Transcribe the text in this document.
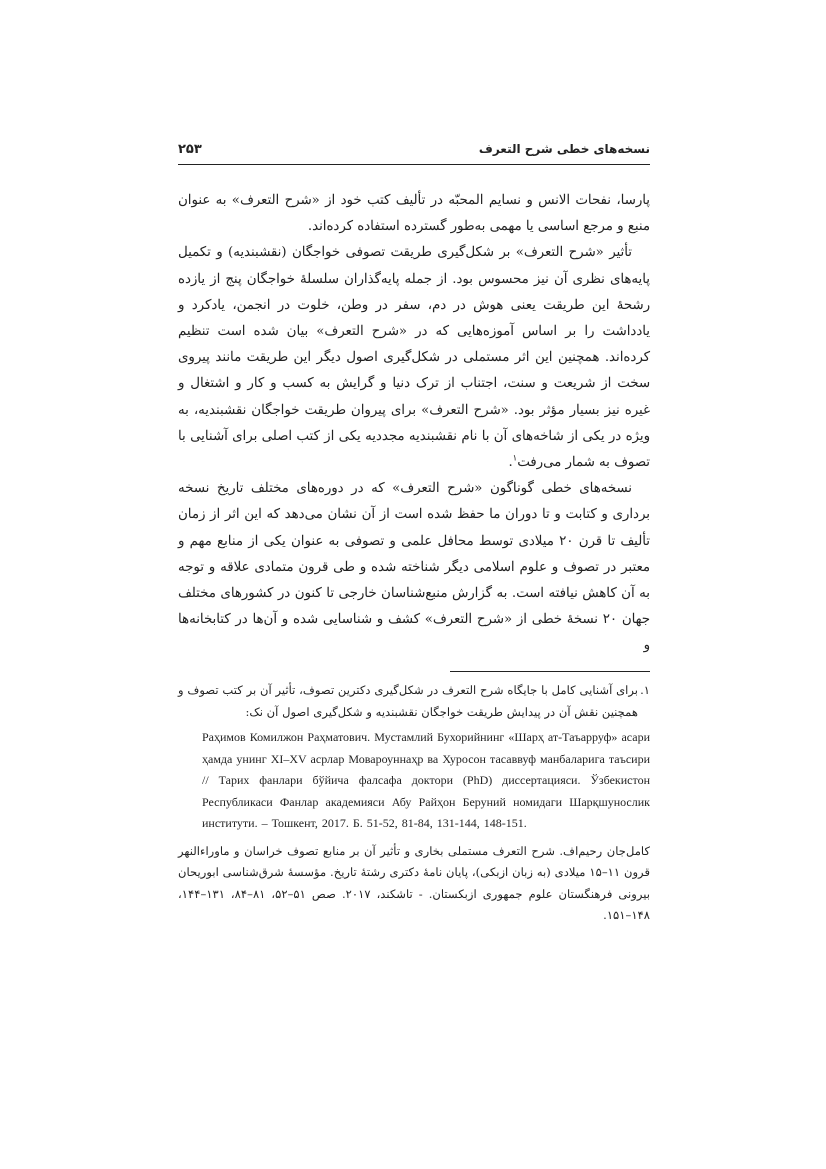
نسخه‌های خطی شرح التعرف
۲۵۳

پارسا، نفحات الانس و نسایم المحبّه در تألیف کتب خود از «شرح التعرف» به عنوان منبع و مرجع اساسی یا مهمی به‌طور گسترده استفاده کرده‌اند.

تأثیر «شرح التعرف» بر شکل‌گیری طریقت تصوفی خواجگان (نقشبندیه) و تکمیل پایه‌های نظری آن نیز محسوس بود. از جمله پایه‌گذاران سلسلهٔ خواجگان پنج از یازده رشحهٔ این طریقت یعنی هوش در دم، سفر در وطن، خلوت در انجمن، یادکرد و یادداشت را بر اساس آموزه‌هایی که در «شرح التعرف» بیان شده است تنظیم کرده‌اند. همچنین این اثر مستملی در شکل‌گیری اصول دیگر این طریقت مانند پیروی سخت از شریعت و سنت، اجتناب از ترک دنیا و گرایش به کسب و کار و اشتغال و غیره نیز بسیار مؤثر بود. «شرح التعرف» برای پیروان طریقت خواجگان نقشبندیه، به ویژه در یکی از شاخه‌های آن با نام نقشبندیه مجددیه یکی از کتب اصلی برای آشنایی با تصوف به شمار می‌رفت$^۱$.

نسخه‌های خطی گوناگون «شرح التعرف» که در دوره‌های مختلف تاریخ نسخه برداری و کتابت و تا دوران ما حفظ شده است از آن نشان می‌دهد که این اثر از زمان تألیف تا قرن ۲۰ میلادی توسط محافل علمی و تصوفی به عنوان یکی از منابع مهم و معتبر در تصوف و علوم اسلامی دیگر شناخته شده و طی قرون متمادی علاقه و توجه به آن کاهش نیافته است. به گزارش منبع‌شناسان خارجی تا کنون در کشورهای مختلف جهان ۲۰ نسخهٔ خطی از «شرح التعرف» کشف و شناسایی شده و آن‌ها در کتابخانه‌ها و

۱.
برای آشنایی کامل با جایگاه شرح التعرف در شکل‌گیری دکترین تصوف، تأثیر آن بر کتب تصوف و همچنین نقش آن در پیدایش طریقت خواجگان نقشبندیه و شکل‌گیری اصول آن نک:

Раҳимов Комилжон Раҳматович. Мустамлий Бухорийнинг «Шарҳ ат-Таъарруф» асари ҳамда унинг XI–XV асрлар Мовароуннаҳр ва Хуросон тасаввуф манбаларига таъсири // Тарих фанлари бўйича фалсафа доктори (PhD) диссертацияси. Ўзбекистон Республикаси Фанлар академияси Абу Райҳон Беруний номидаги Шарқшунослик институти. – Тошкент, 2017. Б. 51-52, 81-84, 131-144, 148-151.

کامل‌جان رحیم‌اف. شرح التعرف مستملی بخاری و تأثیر آن بر منابع تصوف خراسان و ماوراءالنهر قرون ۱۱–۱۵ میلادی (به زبان ازبکی)، پایان نامهٔ دکتری رشتهٔ تاریخ. مؤسسهٔ شرق‌شناسی ابوریحان بیرونی فرهنگستان علوم جمهوری ازبکستان. - تاشکند، ۲۰۱۷. صص ۵۱–۵۲، ۸۱–۸۴، ۱۳۱–۱۴۴، ۱۴۸–۱۵۱.
